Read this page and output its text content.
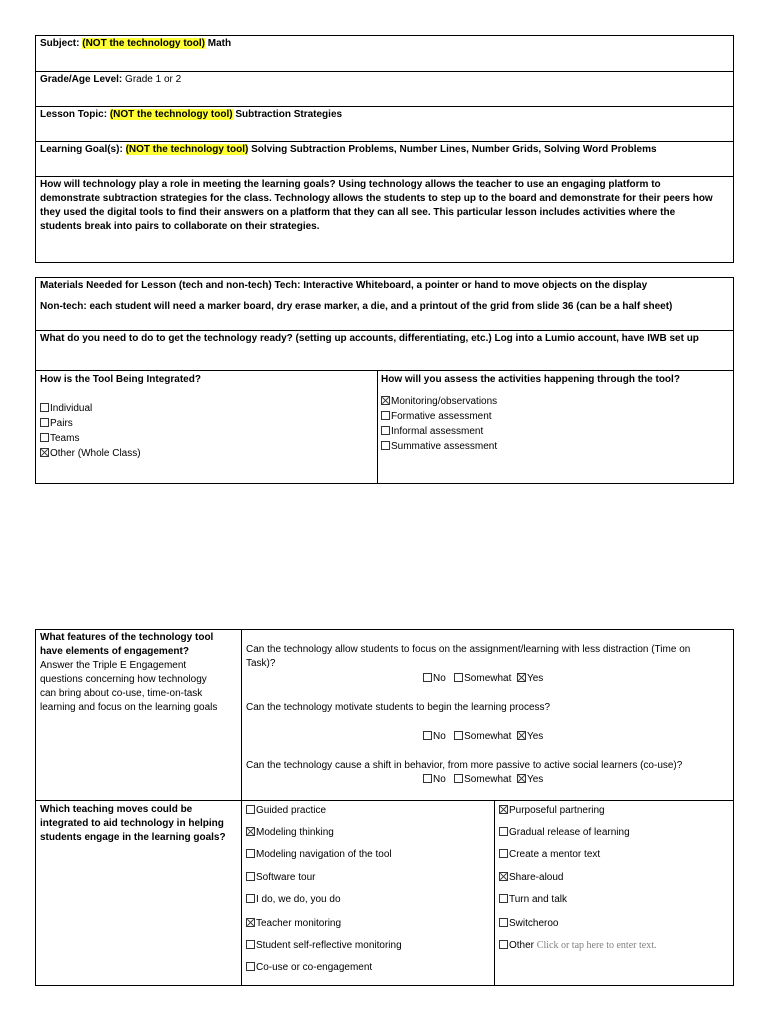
Subject: (NOT the technology tool) Math
Grade/Age Level: Grade 1 or 2
Lesson Topic: (NOT the technology tool) Subtraction Strategies
Learning Goal(s): (NOT the technology tool) Solving Subtraction Problems, Number Lines, Number Grids, Solving Word Problems
How will technology play a role in meeting the learning goals? Using technology allows the teacher to use an engaging platform to
demonstrate subtraction strategies for the class. Technology allows the students to step up to the board and demonstrate for their peers how
they used the digital tools to find their answers on a platform that they can all see. This particular lesson includes activities where the
students break into pairs to collaborate on their strategies.
Materials Needed for Lesson (tech and non-tech) Tech: Interactive Whiteboard, a pointer or hand to move objects on the display
Non-tech: each student will need a marker board, dry erase marker, a die, and a printout of the grid from slide 36 (can be a half sheet)
What do you need to do to get the technology ready? (setting up accounts, differentiating, etc.) Log into a Lumio account, have IWB set up
How is the Tool Being Integrated?
Individual
Pairs
Teams
Other (Whole Class)
How will you assess the activities happening through the tool?
Monitoring/observations
Formative assessment
Informal assessment
Summative assessment
What features of the technology tool
have elements of engagement?
Answer the Triple E Engagement
questions concerning how technology
can bring about co-use, time-on-task
learning and focus on the learning goals
Can the technology allow students to focus on the assignment/learning with less distraction (Time on
Task)?
No Somewhat Yes
Can the technology motivate students to begin the learning process?
No Somewhat Yes
Can the technology cause a shift in behavior, from more passive to active social learners (co-use)?
No Somewhat Yes
Which teaching moves could be
integrated to aid technology in helping
students engage in the learning goals?
Guided practice
Modeling thinking
Modeling navigation of the tool
Software tour
I do, we do, you do
Teacher monitoring
Student self-reflective monitoring
Co-use or co-engagement
Purposeful partnering
Gradual release of learning
Create a mentor text
Share-aloud
Turn and talk
Switcheroo
Other Click or tap here to enter text.
